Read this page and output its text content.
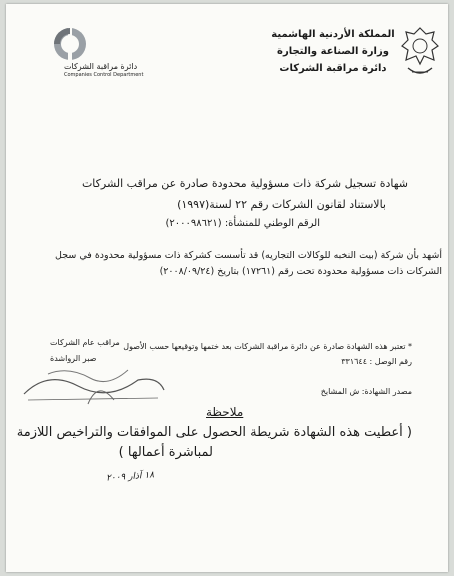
المملكة الأردنية الهاشمية
وزارة الصناعة والتجارة
دائرة مراقبة الشركات
دائرة مراقبة الشركات
Companies Control Department
شهادة تسجيل شركة ذات مسؤولية محدودة صادرة عن مراقب الشركات
بالاستناد لقانون الشركات رقم ٢٢ لسنة(١٩٩٧)
الرقم الوطني للمنشأة: (٢٠٠٠٩٨٦٢١)
أشهد بأن شركة (بيت النخبه للوكالات التجاريه) قد تأسست كشركة ذات مسؤولية محدودة في سجل
الشركات ذات مسؤولية محدودة تحت رقم (١٧٢٦١) بتاريخ (٢٠٠٨/٠٩/٢٤)
* تعتبر هذه الشهادة صادرة عن دائرة مراقبة الشركات بعد ختمها وتوقيعها حسب الأصول
رقم الوصل : ٣٣١٦٤٤
مصدر الشهادة: ش المشايخ
مراقب عام الشركات
صبر الرواشدة
ملاحظة
( أعطيت هذه الشهادة شريطة الحصول على الموافقات والتراخيص اللازمة
لمباشرة أعمالها )
١٨ آذار ٢٠٠٩
